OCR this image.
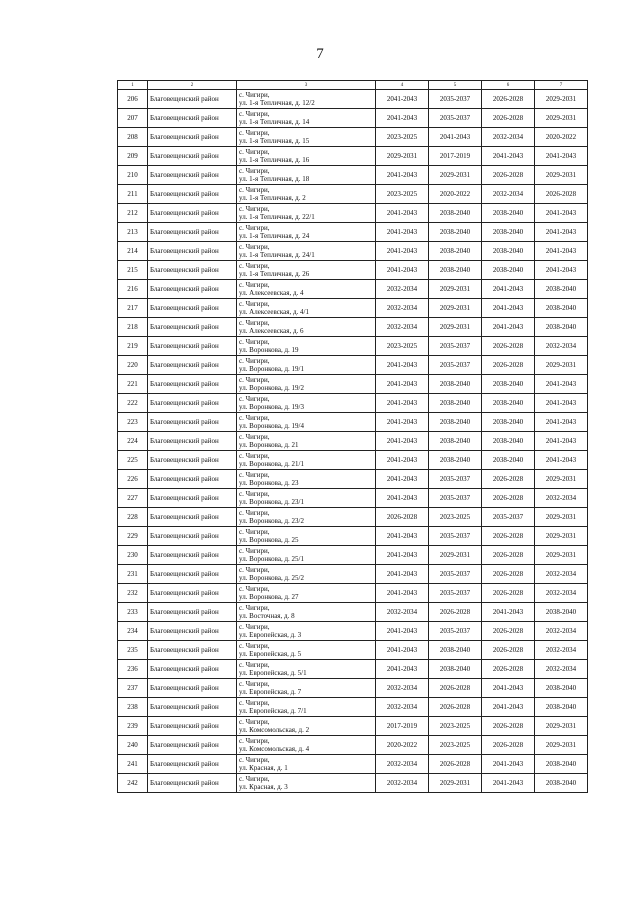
7
1	2	3	4	5	6	7
206	Благовещенский район	с. Чигири,
ул. 1-я Тепличная, д. 12/2	2041-2043	2035-2037	2026-2028	2029-2031
207	Благовещенский район	с. Чигири,
ул. 1-я Тепличная, д. 14	2041-2043	2035-2037	2026-2028	2029-2031
208	Благовещенский район	с. Чигири,
ул. 1-я Тепличная, д. 15	2023-2025	2041-2043	2032-2034	2020-2022
209	Благовещенский район	с. Чигири,
ул. 1-я Тепличная, д. 16	2029-2031	2017-2019	2041-2043	2041-2043
210	Благовещенский район	с. Чигири,
ул. 1-я Тепличная, д. 18	2041-2043	2029-2031	2026-2028	2029-2031
211	Благовещенский район	с. Чигири,
ул. 1-я Тепличная, д. 2	2023-2025	2020-2022	2032-2034	2026-2028
212	Благовещенский район	с. Чигири,
ул. 1-я Тепличная, д. 22/1	2041-2043	2038-2040	2038-2040	2041-2043
213	Благовещенский район	с. Чигири,
ул. 1-я Тепличная, д. 24	2041-2043	2038-2040	2038-2040	2041-2043
214	Благовещенский район	с. Чигири,
ул. 1-я Тепличная, д. 24/1	2041-2043	2038-2040	2038-2040	2041-2043
215	Благовещенский район	с. Чигири,
ул. 1-я Тепличная, д. 26	2041-2043	2038-2040	2038-2040	2041-2043
216	Благовещенский район	с. Чигири,
ул. Алексеевская, д. 4	2032-2034	2029-2031	2041-2043	2038-2040
217	Благовещенский район	с. Чигири,
ул. Алексеевская, д. 4/1	2032-2034	2029-2031	2041-2043	2038-2040
218	Благовещенский район	с. Чигири,
ул. Алексеевская, д. 6	2032-2034	2029-2031	2041-2043	2038-2040
219	Благовещенский район	с. Чигири,
ул. Воронкова, д. 19	2023-2025	2035-2037	2026-2028	2032-2034
220	Благовещенский район	с. Чигири,
ул. Воронкова, д. 19/1	2041-2043	2035-2037	2026-2028	2029-2031
221	Благовещенский район	с. Чигири,
ул. Воронкова, д. 19/2	2041-2043	2038-2040	2038-2040	2041-2043
222	Благовещенский район	с. Чигири,
ул. Воронкова, д. 19/3	2041-2043	2038-2040	2038-2040	2041-2043
223	Благовещенский район	с. Чигири,
ул. Воронкова, д. 19/4	2041-2043	2038-2040	2038-2040	2041-2043
224	Благовещенский район	с. Чигири,
ул. Воронкова, д. 21	2041-2043	2038-2040	2038-2040	2041-2043
225	Благовещенский район	с. Чигири,
ул. Воронкова, д. 21/1	2041-2043	2038-2040	2038-2040	2041-2043
226	Благовещенский район	с. Чигири,
ул. Воронкова, д. 23	2041-2043	2035-2037	2026-2028	2029-2031
227	Благовещенский район	с. Чигири,
ул. Воронкова, д. 23/1	2041-2043	2035-2037	2026-2028	2032-2034
228	Благовещенский район	с. Чигири,
ул. Воронкова, д. 23/2	2026-2028	2023-2025	2035-2037	2029-2031
229	Благовещенский район	с. Чигири,
ул. Воронкова, д. 25	2041-2043	2035-2037	2026-2028	2029-2031
230	Благовещенский район	с. Чигири,
ул. Воронкова, д. 25/1	2041-2043	2029-2031	2026-2028	2029-2031
231	Благовещенский район	с. Чигири,
ул. Воронкова, д. 25/2	2041-2043	2035-2037	2026-2028	2032-2034
232	Благовещенский район	с. Чигири,
ул. Воронкова, д. 27	2041-2043	2035-2037	2026-2028	2032-2034
233	Благовещенский район	с. Чигири,
ул. Восточная, д. 8	2032-2034	2026-2028	2041-2043	2038-2040
234	Благовещенский район	с. Чигири,
ул. Европейская, д. 3	2041-2043	2035-2037	2026-2028	2032-2034
235	Благовещенский район	с. Чигири,
ул. Европейская, д. 5	2041-2043	2038-2040	2026-2028	2032-2034
236	Благовещенский район	с. Чигири,
ул. Европейская, д. 5/1	2041-2043	2038-2040	2026-2028	2032-2034
237	Благовещенский район	с. Чигири,
ул. Европейская, д. 7	2032-2034	2026-2028	2041-2043	2038-2040
238	Благовещенский район	с. Чигири,
ул. Европейская, д. 7/1	2032-2034	2026-2028	2041-2043	2038-2040
239	Благовещенский район	с. Чигири,
ул. Комсомольская, д. 2	2017-2019	2023-2025	2026-2028	2029-2031
240	Благовещенский район	с. Чигири,
ул. Комсомольская, д. 4	2020-2022	2023-2025	2026-2028	2029-2031
241	Благовещенский район	с. Чигири,
ул. Красная, д. 1	2032-2034	2026-2028	2041-2043	2038-2040
242	Благовещенский район	с. Чигири,
ул. Красная, д. 3	2032-2034	2029-2031	2041-2043	2038-2040
